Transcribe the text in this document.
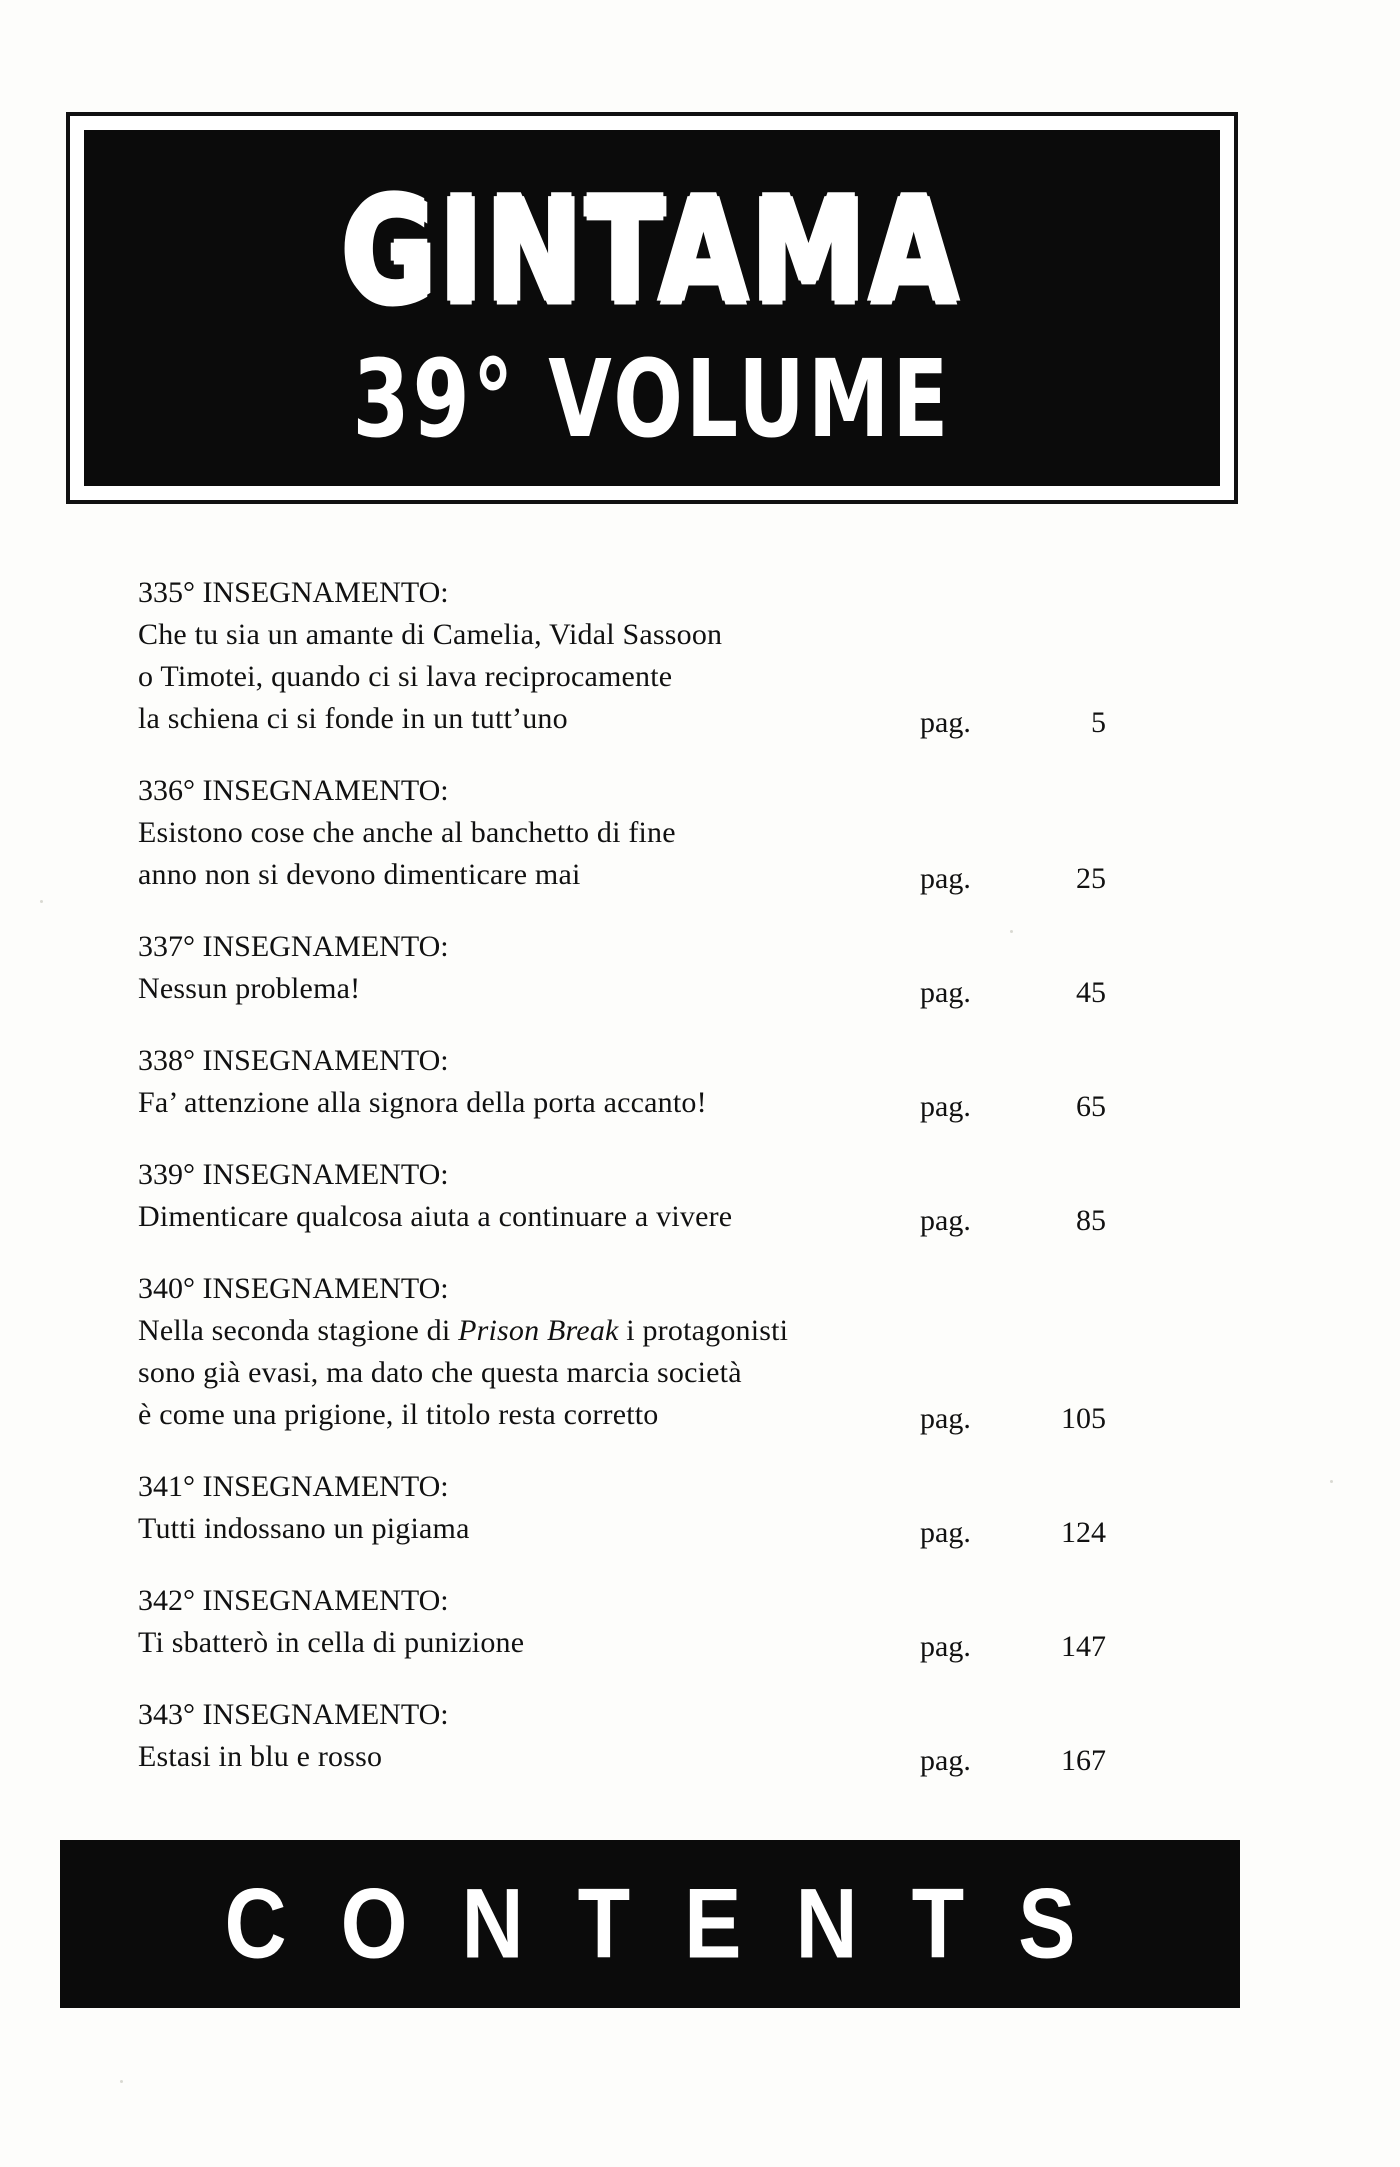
GINTAMA
39° VOLUME
335° INSEGNAMENTO:
Che tu sia un amante di Camelia, Vidal Sassoon
o Timotei, quando ci si lava reciprocamente
la schiena ci si fonde in un tutt’uno	pag.	5
336° INSEGNAMENTO:
Esistono cose che anche al banchetto di fine
anno non si devono dimenticare mai	pag.	25
337° INSEGNAMENTO:
Nessun problema!	pag.	45
338° INSEGNAMENTO:
Fa’ attenzione alla signora della porta accanto!	pag.	65
339° INSEGNAMENTO:
Dimenticare qualcosa aiuta a continuare a vivere	pag.	85
340° INSEGNAMENTO:
Nella seconda stagione di Prison Break i protagonisti
sono già evasi, ma dato che questa marcia società
è come una prigione, il titolo resta corretto	pag.	105
341° INSEGNAMENTO:
Tutti indossano un pigiama	pag.	124
342° INSEGNAMENTO:
Ti sbatterò in cella di punizione	pag.	147
343° INSEGNAMENTO:
Estasi in blu e rosso	pag.	167
CONTENTS
